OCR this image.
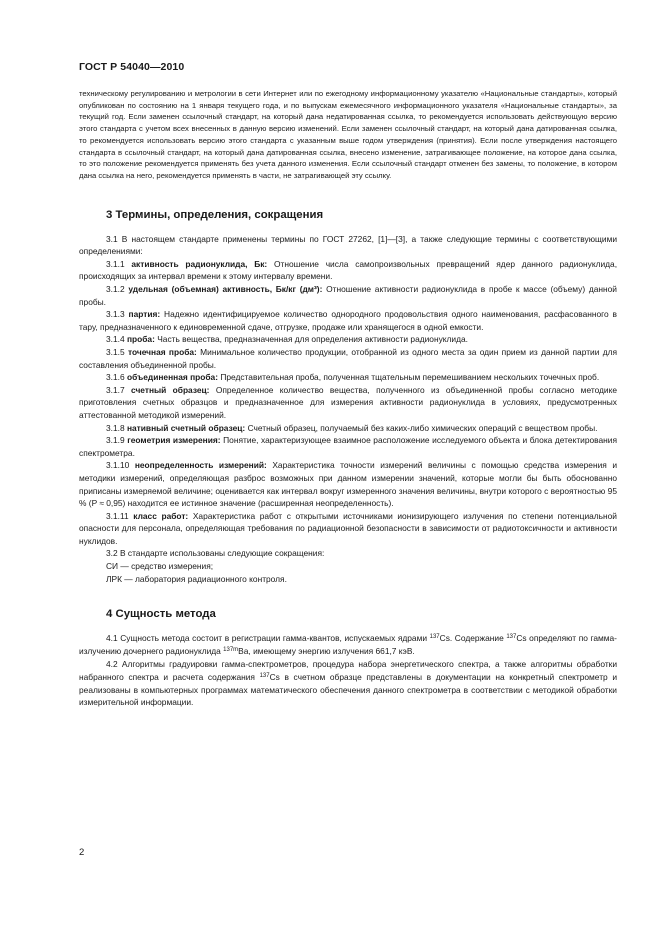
ГОСТ Р 54040—2010

техническому регулированию и метрологии в сети Интернет или по ежегодному информационному указателю «Национальные стандарты», который опубликован по состоянию на 1 января текущего года, и по выпускам ежемесячного информационного указателя «Национальные стандарты», за текущий год. Если заменен ссылочный стандарт, на который дана недатированная ссылка, то рекомендуется использовать действующую версию этого стандарта с учетом всех внесенных в данную версию изменений. Если заменен ссылочный стандарт, на который дана датированная ссылка, то рекомендуется использовать версию этого стандарта с указанным выше годом утверждения (принятия). Если после утверждения настоящего стандарта в ссылочный стандарт, на который дана датированная ссылка, внесено изменение, затрагивающее положение, на которое дана ссылка, то это положение рекомендуется применять без учета данного изменения. Если ссылочный стандарт отменен без замены, то положение, в котором дана ссылка на него, рекомендуется применять в части, не затрагивающей эту ссылку.

3 Термины, определения, сокращения

3.1 В настоящем стандарте применены термины по ГОСТ 27262, [1]—[3], а также следующие термины с соответствующими определениями:

3.1.1 активность радионуклида, Бк: Отношение числа самопроизвольных превращений ядер данного радионуклида, происходящих за интервал времени к этому интервалу времени.

3.1.2 удельная (объемная) активность, Бк/кг (дм³): Отношение активности радионуклида в пробе к массе (объему) данной пробы.

3.1.3 партия: Надежно идентифицируемое количество однородного продовольствия одного наименования, расфасованного в тару, предназначенного к единовременной сдаче, отгрузке, продаже или хранящегося в одной емкости.

3.1.4 проба: Часть вещества, предназначенная для определения активности радионуклида.

3.1.5 точечная проба: Минимальное количество продукции, отобранной из одного места за один прием из данной партии для составления объединенной пробы.

3.1.6 объединенная проба: Представительная проба, полученная тщательным перемешиванием нескольких точечных проб.

3.1.7 счетный образец: Определенное количество вещества, полученного из объединенной пробы согласно методике приготовления счетных образцов и предназначенное для измерения активности радионуклида в условиях, предусмотренных аттестованной методикой измерений.

3.1.8 нативный счетный образец: Счетный образец, получаемый без каких-либо химических операций с веществом пробы.

3.1.9 геометрия измерения: Понятие, характеризующее взаимное расположение исследуемого объекта и блока детектирования спектрометра.

3.1.10 неопределенность измерений: Характеристика точности измерений величины с помощью средства измерения и методики измерений, определяющая разброс возможных при данном измерении значений, которые могли бы быть обоснованно приписаны измеряемой величине; оценивается как интервал вокруг измеренного значения величины, внутри которого с вероятностью 95 % (P ≈ 0,95) находится ее истинное значение (расширенная неопределенность).

3.1.11 класс работ: Характеристика работ с открытыми источниками ионизирующего излучения по степени потенциальной опасности для персонала, определяющая требования по радиационной безопасности в зависимости от радиотоксичности и активности нуклидов.

3.2 В стандарте использованы следующие сокращения:

СИ — средство измерения;

ЛРК — лаборатория радиационного контроля.

4 Сущность метода

4.1 Сущность метода состоит в регистрации гамма-квантов, испускаемых ядрами $^{137}$Cs. Содержание $^{137}$Cs определяют по гамма-излучению дочернего радионуклида $^{137m}$Ba, имеющему энергию излучения 661,7 кэВ.

4.2 Алгоритмы градуировки гамма-спектрометров, процедура набора энергетического спектра, а также алгоритмы обработки набранного спектра и расчета содержания $^{137}$Cs в счетном образце представлены в документации на конкретный спектрометр и реализованы в компьютерных программах математического обеспечения данного спектрометра в соответствии с методикой обработки измерительной информации.

2
